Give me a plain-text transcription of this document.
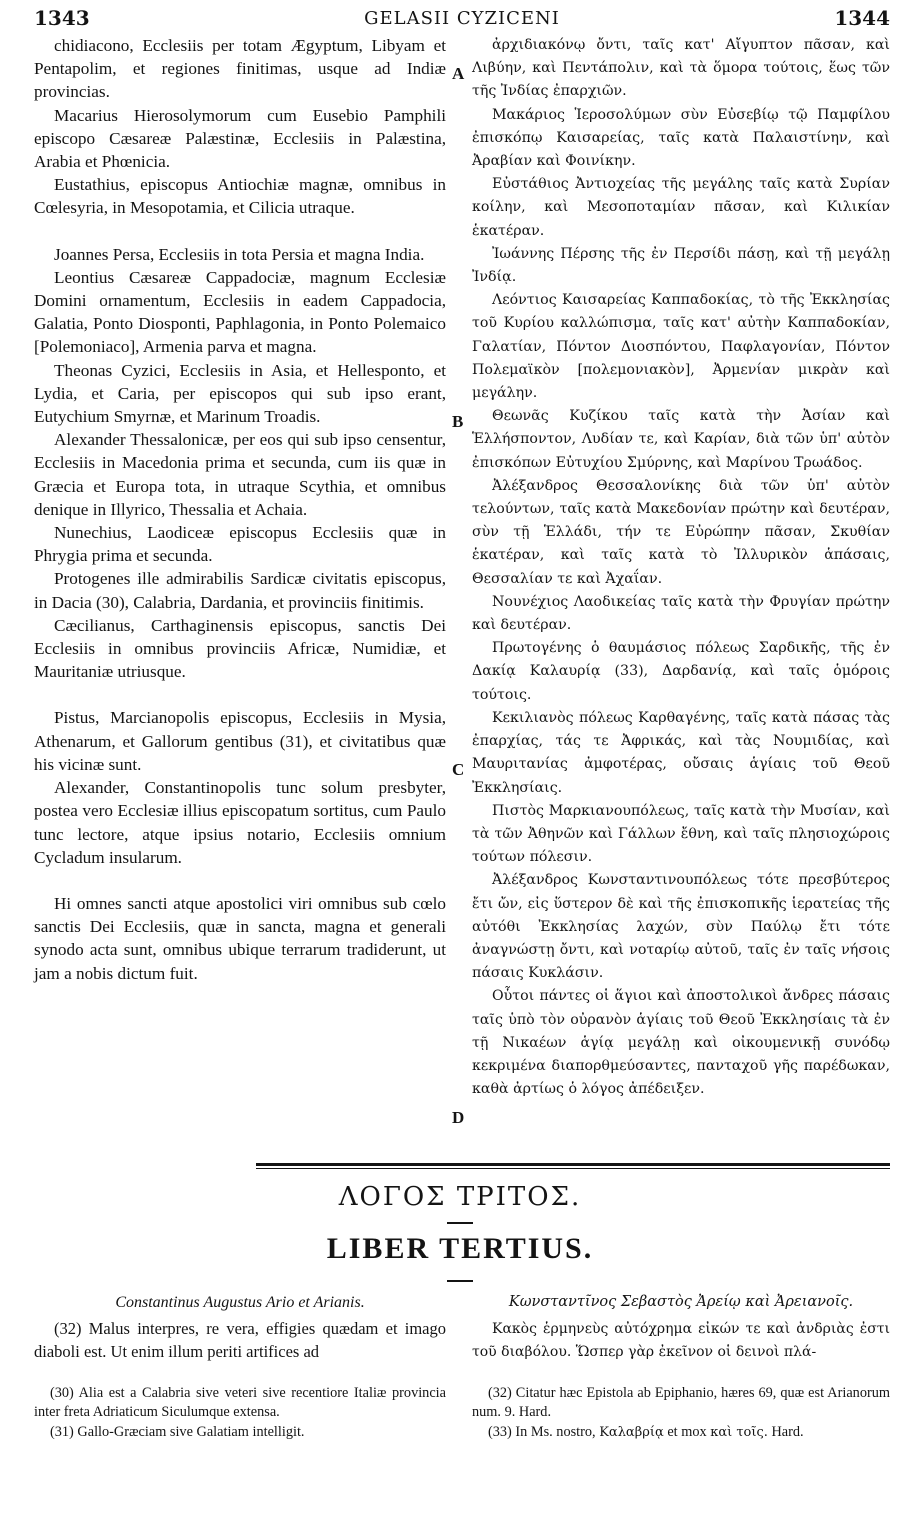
1343	GELASII CYZICENI	1344

chidiacono, Ecclesiis per totam Ægyptum, Libyam et Pentapolim, et regiones finitimas, usque ad Indiæ provincias.

Macarius Hierosolymorum cum Eusebio Pamphili episcopo Cæsareæ Palæstinæ, Ecclesiis in Palæstina, Arabia et Phœnicia.

Eustathius, episcopus Antiochiæ magnæ, omnibus in Cœlesyria, in Mesopotamia, et Cilicia utraque.

Joannes Persa, Ecclesiis in tota Persia et magna India.

Leontius Cæsareæ Cappadociæ, magnum Ecclesiæ Domini ornamentum, Ecclesiis in eadem Cappadocia, Galatia, Ponto Diosponti, Paphlagonia, in Ponto Polemaico [Polemoniaco], Armenia parva et magna.

Theonas Cyzici, Ecclesiis in Asia, et Hellesponto, et Lydia, et Caria, per episcopos qui sub ipso erant, Eutychium Smyrnæ, et Marinum Troadis.

Alexander Thessalonicæ, per eos qui sub ipso censentur, Ecclesiis in Macedonia prima et secunda, cum iis quæ in Græcia et Europa tota, in utraque Scythia, et omnibus denique in Illyrico, Thessalia et Achaia.

Nunechius, Laodiceæ episcopus Ecclesiis quæ in Phrygia prima et secunda.

Protogenes ille admirabilis Sardicæ civitatis episcopus, in Dacia (30), Calabria, Dardania, et provinciis finitimis.

Cæcilianus, Carthaginensis episcopus, sanctis Dei Ecclesiis in omnibus provinciis Africæ, Numidiæ, et Mauritaniæ utriusque.

Pistus, Marcianopolis episcopus, Ecclesiis in Mysia, Athenarum, et Gallorum gentibus (31), et civitatibus quæ his vicinæ sunt.

Alexander, Constantinopolis tunc solum presbyter, postea vero Ecclesiæ illius episcopatum sortitus, cum Paulo tunc lectore, atque ipsius notario, Ecclesiis omnium Cycladum insularum.

Hi omnes sancti atque apostolici viri omnibus sub cœlo sanctis Dei Ecclesiis, quæ in sancta, magna et generali synodo acta sunt, omnibus ubique terrarum tradiderunt, ut jam a nobis dictum fuit.

ἀρχιδιακόνῳ ὄντι, ταῖς κατ' Αἴγυπτον πᾶσαν, καὶ Λιβύην, καὶ Πεντάπολιν, καὶ τὰ ὅμορα τούτοις, ἕως τῶν τῆς Ἰνδίας ἐπαρχιῶν.

Μακάριος Ἱεροσολύμων σὺν Εὐσεβίῳ τῷ Παμφίλου ἐπισκόπῳ Καισαρείας, ταῖς κατὰ Παλαιστίνην, καὶ Ἀραβίαν καὶ Φοινίκην.

Εὐστάθιος Ἀντιοχείας τῆς μεγάλης ταῖς κατὰ Συρίαν κοίλην, καὶ Μεσοποταμίαν πᾶσαν, καὶ Κιλικίαν ἑκατέραν.

Ἰωάννης Πέρσης τῆς ἐν Περσίδι πάσῃ, καὶ τῇ μεγάλῃ Ἰνδίᾳ.

Λεόντιος Καισαρείας Καππαδοκίας, τὸ τῆς Ἐκκλησίας τοῦ Κυρίου καλλώπισμα, ταῖς κατ' αὐτὴν Καππαδοκίαν, Γαλατίαν, Πόντον Διοσπόντου, Παφλαγονίαν, Πόντον Πολεμαϊκὸν [πολεμονιακὸν], Ἀρμενίαν μικρὰν καὶ μεγάλην.

Θεωνᾶς Κυζίκου ταῖς κατὰ τὴν Ἀσίαν καὶ Ἑλλήσποντον, Λυδίαν τε, καὶ Καρίαν, διὰ τῶν ὑπ' αὐτὸν ἐπισκόπων Εὐτυχίου Σμύρνης, καὶ Μαρίνου Τρωάδος.

Ἀλέξανδρος Θεσσαλονίκης διὰ τῶν ὑπ' αὐτὸν τελούντων, ταῖς κατὰ Μακεδονίαν πρώτην καὶ δευτέραν, σὺν τῇ Ἑλλάδι, τήν τε Εὐρώπην πᾶσαν, Σκυθίαν ἑκατέραν, καὶ ταῖς κατὰ τὸ Ἰλλυρικὸν ἁπάσαις, Θεσσαλίαν τε καὶ Ἀχαΐαν.

Νουνέχιος Λαοδικείας ταῖς κατὰ τὴν Φρυγίαν πρώτην καὶ δευτέραν.

Πρωτογένης ὁ θαυμάσιος πόλεως Σαρδικῆς, τῆς ἐν Δακίᾳ Καλαυρίᾳ (33), Δαρδανίᾳ, καὶ ταῖς ὁμόροις τούτοις.

Κεκιλιανὸς πόλεως Καρθαγένης, ταῖς κατὰ πάσας τὰς ἐπαρχίας, τάς τε Ἀφρικάς, καὶ τὰς Νουμιδίας, καὶ Μαυριτανίας ἀμφοτέρας, οὔσαις ἁγίαις τοῦ Θεοῦ Ἐκκλησίαις.

Πιστὸς Μαρκιανουπόλεως, ταῖς κατὰ τὴν Μυσίαν, καὶ τὰ τῶν Ἀθηνῶν καὶ Γάλλων ἔθνη, καὶ ταῖς πλησιοχώροις τούτων πόλεσιν.

Ἀλέξανδρος Κωνσταντινουπόλεως τότε πρεσβύτερος ἔτι ὤν, εἰς ὕστερον δὲ καὶ τῆς ἐπισκοπικῆς ἱερατείας τῆς αὐτόθι Ἐκκλησίας λαχών, σὺν Παύλῳ ἔτι τότε ἀναγνώστῃ ὄντι, καὶ νοταρίῳ αὐτοῦ, ταῖς ἐν ταῖς νήσοις πάσαις Κυκλάσιν.

Οὗτοι πάντες οἱ ἅγιοι καὶ ἀποστολικοὶ ἄνδρες πάσαις ταῖς ὑπὸ τὸν οὐρανὸν ἁγίαις τοῦ Θεοῦ Ἐκκλησίαις τὰ ἐν τῇ Νικαέων ἁγίᾳ μεγάλῃ καὶ οἰκουμενικῇ συνόδῳ κεκριμένα διαπορθμεύσαντες, πανταχοῦ γῆς παρέδωκαν, καθὰ ἀρτίως ὁ λόγος ἀπέδειξεν.

A
B
C
D
ΛΟΓΟΣ ΤΡΙΤΟΣ.
LIBER TERTIUS.
Constantinus Augustus Ario et Arianis.	Κωνσταντῖνος Σεβαστὸς Ἀρείῳ καὶ Ἀρειανοῖς.

(32) Malus interpres, re vera, effigies quædam et imago diaboli est. Ut enim illum periti artifices ad

Κακὸς ἑρμηνεὺς αὐτόχρημα εἰκών τε καὶ ἀνδριὰς ἐστι τοῦ διαβόλου. Ὥσπερ γὰρ ἐκεῖνον οἱ δεινοὶ πλά-

(30) Alia est a Calabria sive veteri sive recentiore Italiæ provincia inter freta Adriaticum Siculumque extensa.

(31) Gallo-Græciam sive Galatiam intelligit.

(32) Citatur hæc Epistola ab Epiphanio, hæres 69, quæ est Arianorum num. 9. Hard.

(33) In Ms. nostro, Καλαβρίᾳ et mox καὶ τοῖς. Hard.
